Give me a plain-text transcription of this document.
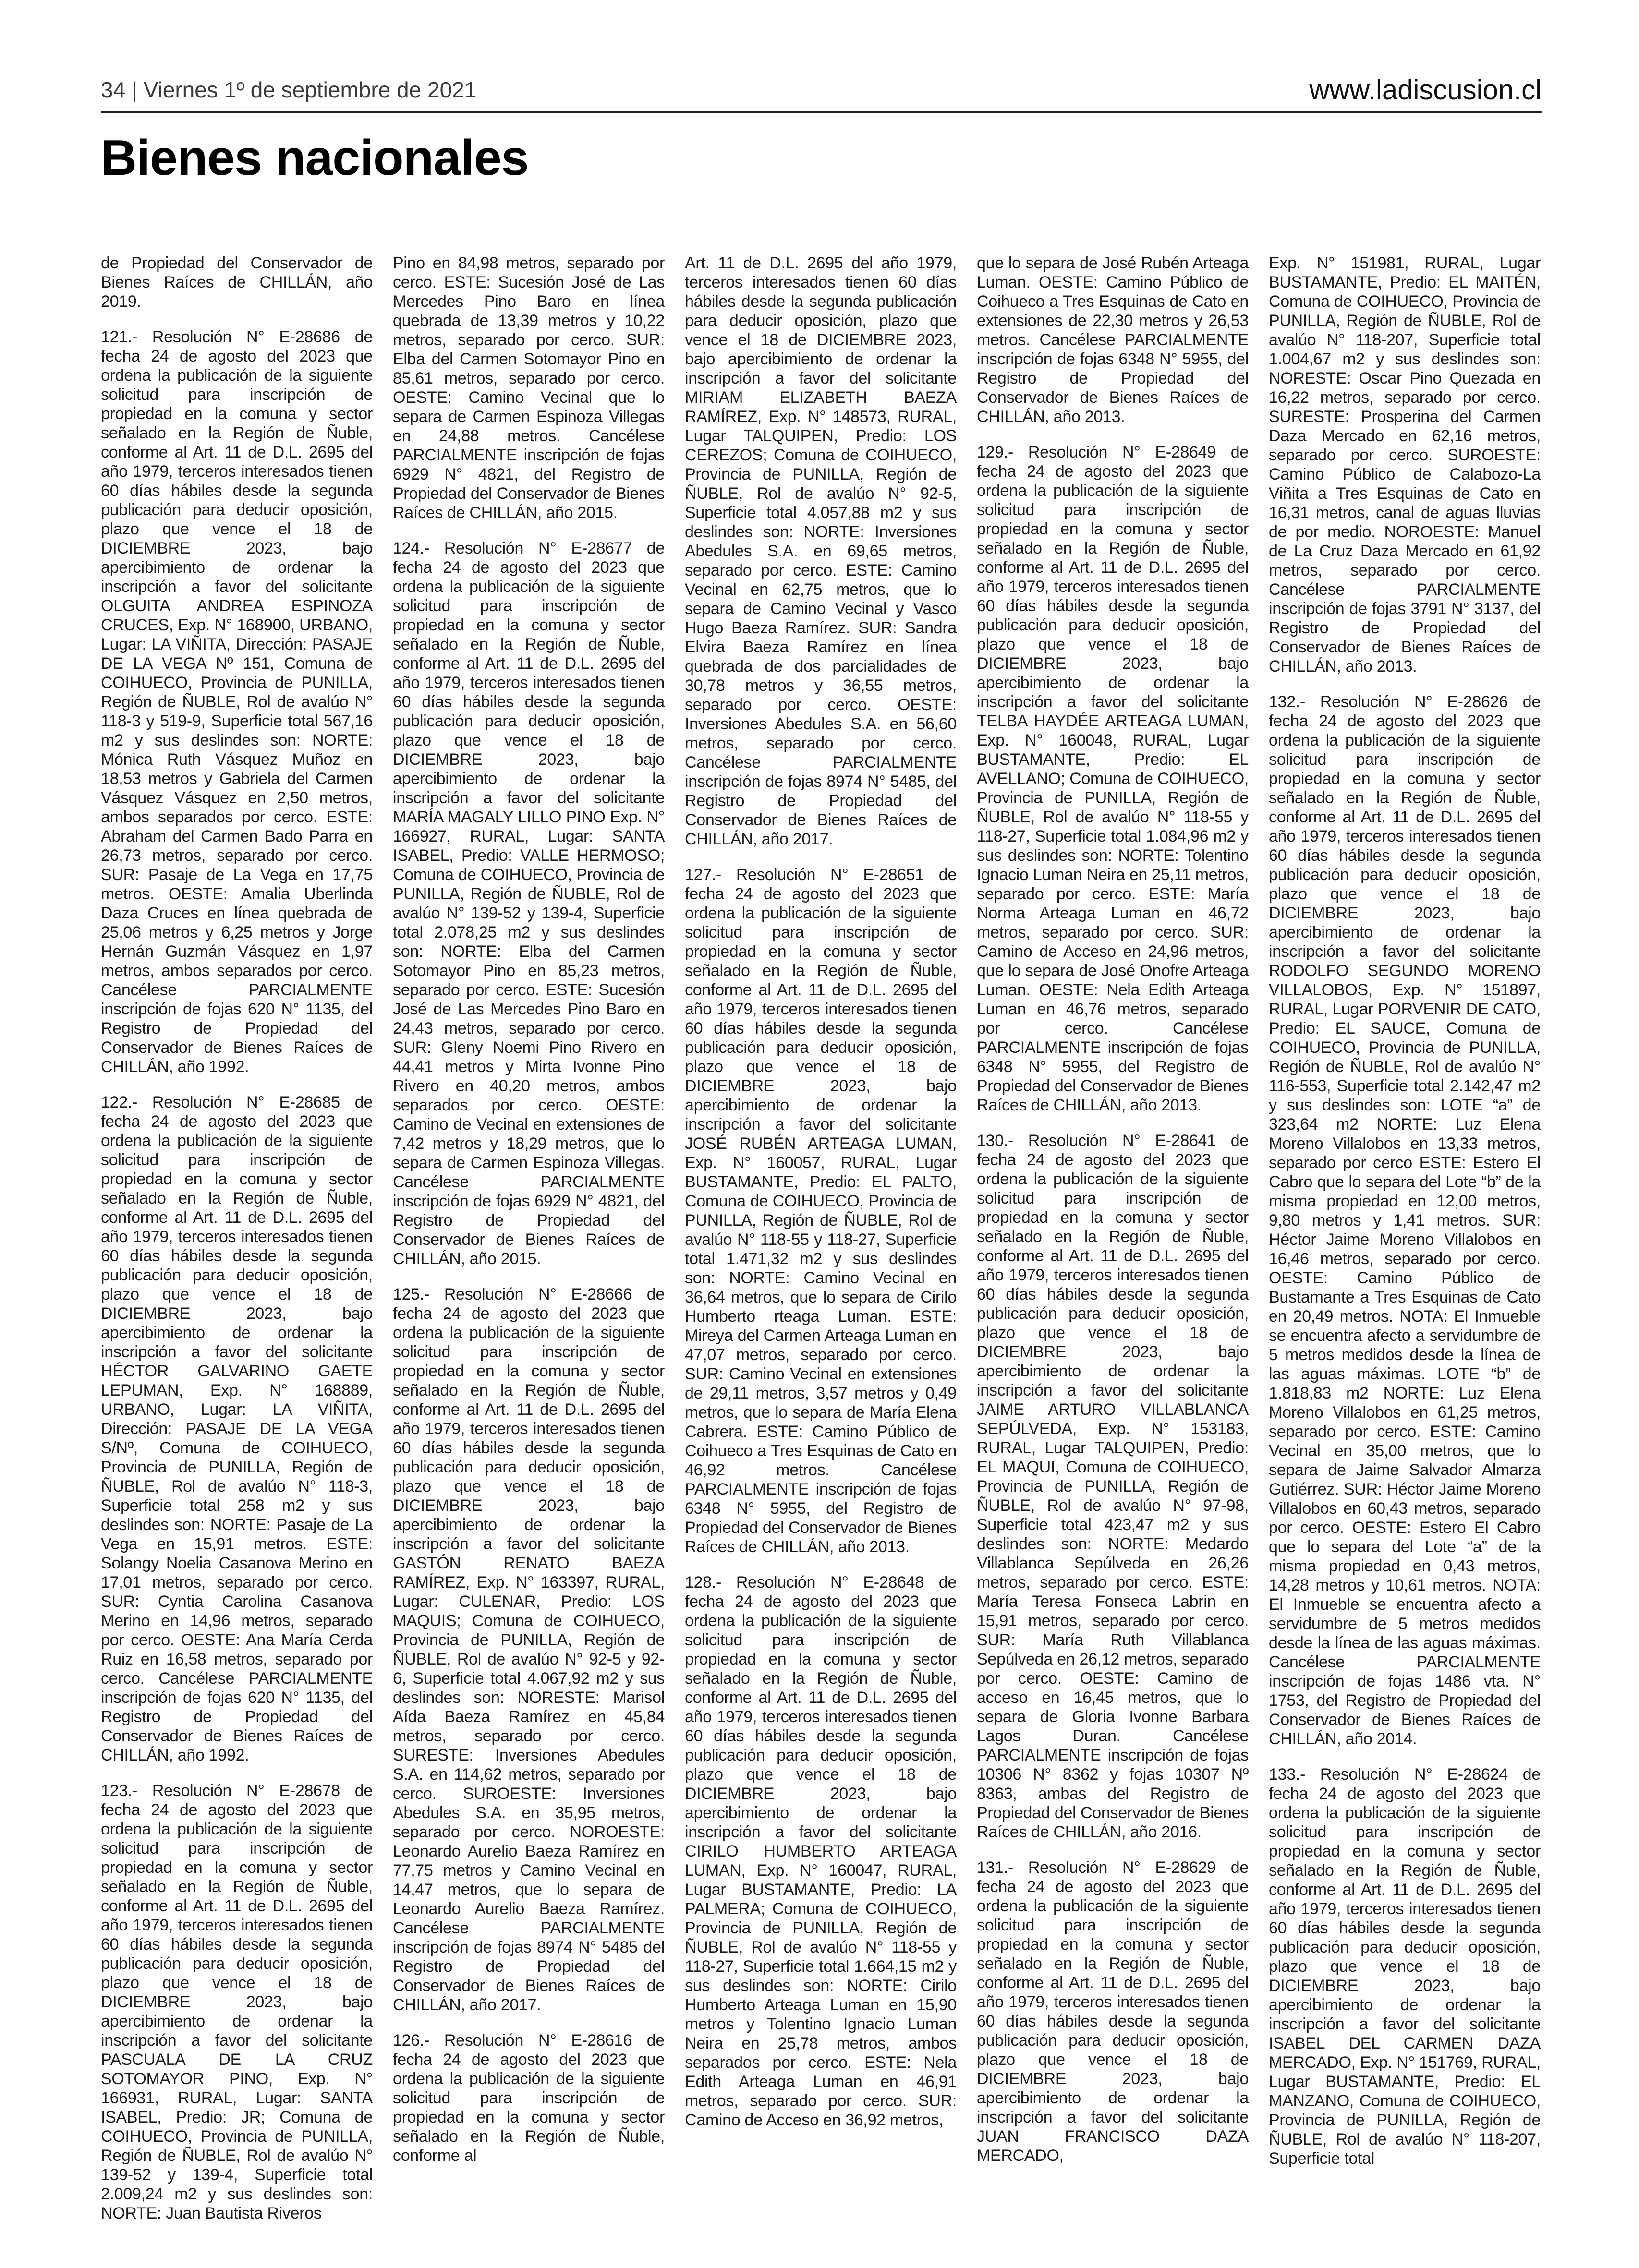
34 | Viernes 1º de septiembre de 2021	www.ladiscusion.cl
Bienes nacionales

de Propiedad del Conservador de Bienes Raíces de CHILLÁN, año 2019.

121.- Resolución N° E-28686 de fecha 24 de agosto del 2023 que ordena la publicación de la siguiente solicitud para inscripción de propiedad en la comuna y sector señalado en la Región de Ñuble, conforme al Art. 11 de D.L. 2695 del año 1979, terceros interesados tienen 60 días hábiles desde la segunda publicación para deducir oposición, plazo que vence el 18 de DICIEMBRE 2023, bajo apercibimiento de ordenar la inscripción a favor del solicitante OLGUITA ANDREA ESPINOZA CRUCES, Exp. N° 168900, URBANO, Lugar: LA VIÑITA, Dirección: PASAJE DE LA VEGA Nº 151, Comuna de COIHUECO, Provincia de PUNILLA, Región de ÑUBLE, Rol de avalúo N° 118-3 y 519-9, Superficie total 567,16 m2 y sus deslindes son: NORTE: Mónica Ruth Vásquez Muñoz en 18,53 metros y Gabriela del Carmen Vásquez Vásquez en 2,50 metros, ambos separados por cerco. ESTE: Abraham del Carmen Bado Parra en 26,73 metros, separado por cerco. SUR: Pasaje de La Vega en 17,75 metros. OESTE: Amalia Uberlinda Daza Cruces en línea quebrada de 25,06 metros y 6,25 metros y Jorge Hernán Guzmán Vásquez en 1,97 metros, ambos separados por cerco. Cancélese PARCIALMENTE inscripción de fojas 620 N° 1135, del Registro de Propiedad del Conservador de Bienes Raíces de CHILLÁN, año 1992.

122.- Resolución N° E-28685 de fecha 24 de agosto del 2023 que ordena la publicación de la siguiente solicitud para inscripción de propiedad en la comuna y sector señalado en la Región de Ñuble, conforme al Art. 11 de D.L. 2695 del año 1979, terceros interesados tienen 60 días hábiles desde la segunda publicación para deducir oposición, plazo que vence el 18 de DICIEMBRE 2023, bajo apercibimiento de ordenar la inscripción a favor del solicitante HÉCTOR GALVARINO GAETE LEPUMAN, Exp. N° 168889, URBANO, Lugar: LA VIÑITA, Dirección: PASAJE DE LA VEGA S/Nº, Comuna de COIHUECO, Provincia de PUNILLA, Región de ÑUBLE, Rol de avalúo N° 118-3, Superficie total 258 m2 y sus deslindes son: NORTE: Pasaje de La Vega en 15,91 metros. ESTE: Solangy Noelia Casanova Merino en 17,01 metros, separado por cerco. SUR: Cyntia Carolina Casanova Merino en 14,96 metros, separado por cerco. OESTE: Ana María Cerda Ruiz en 16,58 metros, separado por cerco. Cancélese PARCIALMENTE inscripción de fojas 620 N° 1135, del Registro de Propiedad del Conservador de Bienes Raíces de CHILLÁN, año 1992.

123.- Resolución N° E-28678 de fecha 24 de agosto del 2023 que ordena la publicación de la siguiente solicitud para inscripción de propiedad en la comuna y sector señalado en la Región de Ñuble, conforme al Art. 11 de D.L. 2695 del año 1979, terceros interesados tienen 60 días hábiles desde la segunda publicación para deducir oposición, plazo que vence el 18 de DICIEMBRE 2023, bajo apercibimiento de ordenar la inscripción a favor del solicitante PASCUALA DE LA CRUZ SOTOMAYOR PINO, Exp. N° 166931, RURAL, Lugar: SANTA ISABEL, Predio: JR; Comuna de COIHUECO, Provincia de PUNILLA, Región de ÑUBLE, Rol de avalúo N° 139-52 y 139-4, Superficie total 2.009,24 m2 y sus deslindes son: NORTE: Juan Bautista Riveros

Pino en 84,98 metros, separado por cerco. ESTE: Sucesión José de Las Mercedes Pino Baro en línea quebrada de 13,39 metros y 10,22 metros, separado por cerco. SUR: Elba del Carmen Sotomayor Pino en 85,61 metros, separado por cerco. OESTE: Camino Vecinal que lo separa de Carmen Espinoza Villegas en 24,88 metros. Cancélese PARCIALMENTE inscripción de fojas 6929 N° 4821, del Registro de Propiedad del Conservador de Bienes Raíces de CHILLÁN, año 2015.

124.- Resolución N° E-28677 de fecha 24 de agosto del 2023 que ordena la publicación de la siguiente solicitud para inscripción de propiedad en la comuna y sector señalado en la Región de Ñuble, conforme al Art. 11 de D.L. 2695 del año 1979, terceros interesados tienen 60 días hábiles desde la segunda publicación para deducir oposición, plazo que vence el 18 de DICIEMBRE 2023, bajo apercibimiento de ordenar la inscripción a favor del solicitante MARÍA MAGALY LILLO PINO Exp. N° 166927, RURAL, Lugar: SANTA ISABEL, Predio: VALLE HERMOSO; Comuna de COIHUECO, Provincia de PUNILLA, Región de ÑUBLE, Rol de avalúo N° 139-52 y 139-4, Superficie total 2.078,25 m2 y sus deslindes son: NORTE: Elba del Carmen Sotomayor Pino en 85,23 metros, separado por cerco. ESTE: Sucesión José de Las Mercedes Pino Baro en 24,43 metros, separado por cerco. SUR: Gleny Noemi Pino Rivero en 44,41 metros y Mirta Ivonne Pino Rivero en 40,20 metros, ambos separados por cerco. OESTE: Camino de Vecinal en extensiones de 7,42 metros y 18,29 metros, que lo separa de Carmen Espinoza Villegas. Cancélese PARCIALMENTE inscripción de fojas 6929 N° 4821, del Registro de Propiedad del Conservador de Bienes Raíces de CHILLÁN, año 2015.

125.- Resolución N° E-28666 de fecha 24 de agosto del 2023 que ordena la publicación de la siguiente solicitud para inscripción de propiedad en la comuna y sector señalado en la Región de Ñuble, conforme al Art. 11 de D.L. 2695 del año 1979, terceros interesados tienen 60 días hábiles desde la segunda publicación para deducir oposición, plazo que vence el 18 de DICIEMBRE 2023, bajo apercibimiento de ordenar la inscripción a favor del solicitante GASTÓN RENATO BAEZA RAMÍREZ, Exp. N° 163397, RURAL, Lugar: CULENAR, Predio: LOS MAQUIS; Comuna de COIHUECO, Provincia de PUNILLA, Región de ÑUBLE, Rol de avalúo N° 92-5 y 92-6, Superficie total 4.067,92 m2 y sus deslindes son: NORESTE: Marisol Aída Baeza Ramírez en 45,84 metros, separado por cerco. SURESTE: Inversiones Abedules S.A. en 114,62 metros, separado por cerco. SUROESTE: Inversiones Abedules S.A. en 35,95 metros, separado por cerco. NOROESTE: Leonardo Aurelio Baeza Ramírez en 77,75 metros y Camino Vecinal en 14,47 metros, que lo separa de Leonardo Aurelio Baeza Ramírez. Cancélese PARCIALMENTE inscripción de fojas 8974 N° 5485 del Registro de Propiedad del Conservador de Bienes Raíces de CHILLÁN, año 2017.

126.- Resolución N° E-28616 de fecha 24 de agosto del 2023 que ordena la publicación de la siguiente solicitud para inscripción de propiedad en la comuna y sector señalado en la Región de Ñuble, conforme al

Art. 11 de D.L. 2695 del año 1979, terceros interesados tienen 60 días hábiles desde la segunda publicación para deducir oposición, plazo que vence el 18 de DICIEMBRE 2023, bajo apercibimiento de ordenar la inscripción a favor del solicitante MIRIAM ELIZABETH BAEZA RAMÍREZ, Exp. N° 148573, RURAL, Lugar TALQUIPEN, Predio: LOS CEREZOS; Comuna de COIHUECO, Provincia de PUNILLA, Región de ÑUBLE, Rol de avalúo N° 92-5, Superficie total 4.057,88 m2 y sus deslindes son: NORTE: Inversiones Abedules S.A. en 69,65 metros, separado por cerco. ESTE: Camino Vecinal en 62,75 metros, que lo separa de Camino Vecinal y Vasco Hugo Baeza Ramírez. SUR: Sandra Elvira Baeza Ramírez en línea quebrada de dos parcialidades de 30,78 metros y 36,55 metros, separado por cerco. OESTE: Inversiones Abedules S.A. en 56,60 metros, separado por cerco. Cancélese PARCIALMENTE inscripción de fojas 8974 N° 5485, del Registro de Propiedad del Conservador de Bienes Raíces de CHILLÁN, año 2017.

127.- Resolución N° E-28651 de fecha 24 de agosto del 2023 que ordena la publicación de la siguiente solicitud para inscripción de propiedad en la comuna y sector señalado en la Región de Ñuble, conforme al Art. 11 de D.L. 2695 del año 1979, terceros interesados tienen 60 días hábiles desde la segunda publicación para deducir oposición, plazo que vence el 18 de DICIEMBRE 2023, bajo apercibimiento de ordenar la inscripción a favor del solicitante JOSÉ RUBÉN ARTEAGA LUMAN, Exp. N° 160057, RURAL, Lugar BUSTAMANTE, Predio: EL PALTO, Comuna de COIHUECO, Provincia de PUNILLA, Región de ÑUBLE, Rol de avalúo N° 118-55 y 118-27, Superficie total 1.471,32 m2 y sus deslindes son: NORTE: Camino Vecinal en 36,64 metros, que lo separa de Cirilo Humberto rteaga Luman. ESTE: Mireya del Carmen Arteaga Luman en 47,07 metros, separado por cerco. SUR: Camino Vecinal en extensiones de 29,11 metros, 3,57 metros y 0,49 metros, que lo separa de María Elena Cabrera. ESTE: Camino Público de Coihueco a Tres Esquinas de Cato en 46,92 metros. Cancélese PARCIALMENTE inscripción de fojas 6348 N° 5955, del Registro de Propiedad del Conservador de Bienes Raíces de CHILLÁN, año 2013.

128.- Resolución N° E-28648 de fecha 24 de agosto del 2023 que ordena la publicación de la siguiente solicitud para inscripción de propiedad en la comuna y sector señalado en la Región de Ñuble, conforme al Art. 11 de D.L. 2695 del año 1979, terceros interesados tienen 60 días hábiles desde la segunda publicación para deducir oposición, plazo que vence el 18 de DICIEMBRE 2023, bajo apercibimiento de ordenar la inscripción a favor del solicitante CIRILO HUMBERTO ARTEAGA LUMAN, Exp. N° 160047, RURAL, Lugar BUSTAMANTE, Predio: LA PALMERA; Comuna de COIHUECO, Provincia de PUNILLA, Región de ÑUBLE, Rol de avalúo N° 118-55 y 118-27, Superficie total 1.664,15 m2 y sus deslindes son: NORTE: Cirilo Humberto Arteaga Luman en 15,90 metros y Tolentino Ignacio Luman Neira en 25,78 metros, ambos separados por cerco. ESTE: Nela Edith Arteaga Luman en 46,91 metros, separado por cerco. SUR: Camino de Acceso en 36,92 metros,

que lo separa de José Rubén Arteaga Luman. OESTE: Camino Público de Coihueco a Tres Esquinas de Cato en extensiones de 22,30 metros y 26,53 metros. Cancélese PARCIALMENTE inscripción de fojas 6348 N° 5955, del Registro de Propiedad del Conservador de Bienes Raíces de CHILLÁN, año 2013.

129.- Resolución N° E-28649 de fecha 24 de agosto del 2023 que ordena la publicación de la siguiente solicitud para inscripción de propiedad en la comuna y sector señalado en la Región de Ñuble, conforme al Art. 11 de D.L. 2695 del año 1979, terceros interesados tienen 60 días hábiles desde la segunda publicación para deducir oposición, plazo que vence el 18 de DICIEMBRE 2023, bajo apercibimiento de ordenar la inscripción a favor del solicitante TELBA HAYDÉE ARTEAGA LUMAN, Exp. N° 160048, RURAL, Lugar BUSTAMANTE, Predio: EL AVELLANO; Comuna de COIHUECO, Provincia de PUNILLA, Región de ÑUBLE, Rol de avalúo N° 118-55 y 118-27, Superficie total 1.084,96 m2 y sus deslindes son: NORTE: Tolentino Ignacio Luman Neira en 25,11 metros, separado por cerco. ESTE: María Norma Arteaga Luman en 46,72 metros, separado por cerco. SUR: Camino de Acceso en 24,96 metros, que lo separa de José Onofre Arteaga Luman. OESTE: Nela Edith Arteaga Luman en 46,76 metros, separado por cerco. Cancélese PARCIALMENTE inscripción de fojas 6348 N° 5955, del Registro de Propiedad del Conservador de Bienes Raíces de CHILLÁN, año 2013.

130.- Resolución N° E-28641 de fecha 24 de agosto del 2023 que ordena la publicación de la siguiente solicitud para inscripción de propiedad en la comuna y sector señalado en la Región de Ñuble, conforme al Art. 11 de D.L. 2695 del año 1979, terceros interesados tienen 60 días hábiles desde la segunda publicación para deducir oposición, plazo que vence el 18 de DICIEMBRE 2023, bajo apercibimiento de ordenar la inscripción a favor del solicitante JAIME ARTURO VILLABLANCA SEPÚLVEDA, Exp. N° 153183, RURAL, Lugar TALQUIPEN, Predio: EL MAQUI, Comuna de COIHUECO, Provincia de PUNILLA, Región de ÑUBLE, Rol de avalúo N° 97-98, Superficie total 423,47 m2 y sus deslindes son: NORTE: Medardo Villablanca Sepúlveda en 26,26 metros, separado por cerco. ESTE: María Teresa Fonseca Labrin en 15,91 metros, separado por cerco. SUR: María Ruth Villablanca Sepúlveda en 26,12 metros, separado por cerco. OESTE: Camino de acceso en 16,45 metros, que lo separa de Gloria Ivonne Barbara Lagos Duran. Cancélese PARCIALMENTE inscripción de fojas 10306 N° 8362 y fojas 10307 Nº 8363, ambas del Registro de Propiedad del Conservador de Bienes Raíces de CHILLÁN, año 2016.

131.- Resolución N° E-28629 de fecha 24 de agosto del 2023 que ordena la publicación de la siguiente solicitud para inscripción de propiedad en la comuna y sector señalado en la Región de Ñuble, conforme al Art. 11 de D.L. 2695 del año 1979, terceros interesados tienen 60 días hábiles desde la segunda publicación para deducir oposición, plazo que vence el 18 de DICIEMBRE 2023, bajo apercibimiento de ordenar la inscripción a favor del solicitante JUAN FRANCISCO DAZA MERCADO,

Exp. N° 151981, RURAL, Lugar BUSTAMANTE, Predio: EL MAITÉN, Comuna de COIHUECO, Provincia de PUNILLA, Región de ÑUBLE, Rol de avalúo N° 118-207, Superficie total 1.004,67 m2 y sus deslindes son: NORESTE: Oscar Pino Quezada en 16,22 metros, separado por cerco. SURESTE: Prosperina del Carmen Daza Mercado en 62,16 metros, separado por cerco. SUROESTE: Camino Público de Calabozo-La Viñita a Tres Esquinas de Cato en 16,31 metros, canal de aguas lluvias de por medio. NOROESTE: Manuel de La Cruz Daza Mercado en 61,92 metros, separado por cerco. Cancélese PARCIALMENTE inscripción de fojas 3791 N° 3137, del Registro de Propiedad del Conservador de Bienes Raíces de CHILLÁN, año 2013.

132.- Resolución N° E-28626 de fecha 24 de agosto del 2023 que ordena la publicación de la siguiente solicitud para inscripción de propiedad en la comuna y sector señalado en la Región de Ñuble, conforme al Art. 11 de D.L. 2695 del año 1979, terceros interesados tienen 60 días hábiles desde la segunda publicación para deducir oposición, plazo que vence el 18 de DICIEMBRE 2023, bajo apercibimiento de ordenar la inscripción a favor del solicitante RODOLFO SEGUNDO MORENO VILLALOBOS, Exp. N° 151897, RURAL, Lugar PORVENIR DE CATO, Predio: EL SAUCE, Comuna de COIHUECO, Provincia de PUNILLA, Región de ÑUBLE, Rol de avalúo N° 116-553, Superficie total 2.142,47 m2 y sus deslindes son: LOTE “a” de 323,64 m2 NORTE: Luz Elena Moreno Villalobos en 13,33 metros, separado por cerco ESTE: Estero El Cabro que lo separa del Lote “b” de la misma propiedad en 12,00 metros, 9,80 metros y 1,41 metros. SUR: Héctor Jaime Moreno Villalobos en 16,46 metros, separado por cerco. OESTE: Camino Público de Bustamante a Tres Esquinas de Cato en 20,49 metros. NOTA: El Inmueble se encuentra afecto a servidumbre de 5 metros medidos desde la línea de las aguas máximas. LOTE “b” de 1.818,83 m2 NORTE: Luz Elena Moreno Villalobos en 61,25 metros, separado por cerco. ESTE: Camino Vecinal en 35,00 metros, que lo separa de Jaime Salvador Almarza Gutiérrez. SUR: Héctor Jaime Moreno Villalobos en 60,43 metros, separado por cerco. OESTE: Estero El Cabro que lo separa del Lote “a” de la misma propiedad en 0,43 metros, 14,28 metros y 10,61 metros. NOTA: El Inmueble se encuentra afecto a servidumbre de 5 metros medidos desde la línea de las aguas máximas. Cancélese PARCIALMENTE inscripción de fojas 1486 vta. N° 1753, del Registro de Propiedad del Conservador de Bienes Raíces de CHILLÁN, año 2014.

133.- Resolución N° E-28624 de fecha 24 de agosto del 2023 que ordena la publicación de la siguiente solicitud para inscripción de propiedad en la comuna y sector señalado en la Región de Ñuble, conforme al Art. 11 de D.L. 2695 del año 1979, terceros interesados tienen 60 días hábiles desde la segunda publicación para deducir oposición, plazo que vence el 18 de DICIEMBRE 2023, bajo apercibimiento de ordenar la inscripción a favor del solicitante ISABEL DEL CARMEN DAZA MERCADO, Exp. N° 151769, RURAL, Lugar BUSTAMANTE, Predio: EL MANZANO, Comuna de COIHUECO, Provincia de PUNILLA, Región de ÑUBLE, Rol de avalúo N° 118-207, Superficie total
